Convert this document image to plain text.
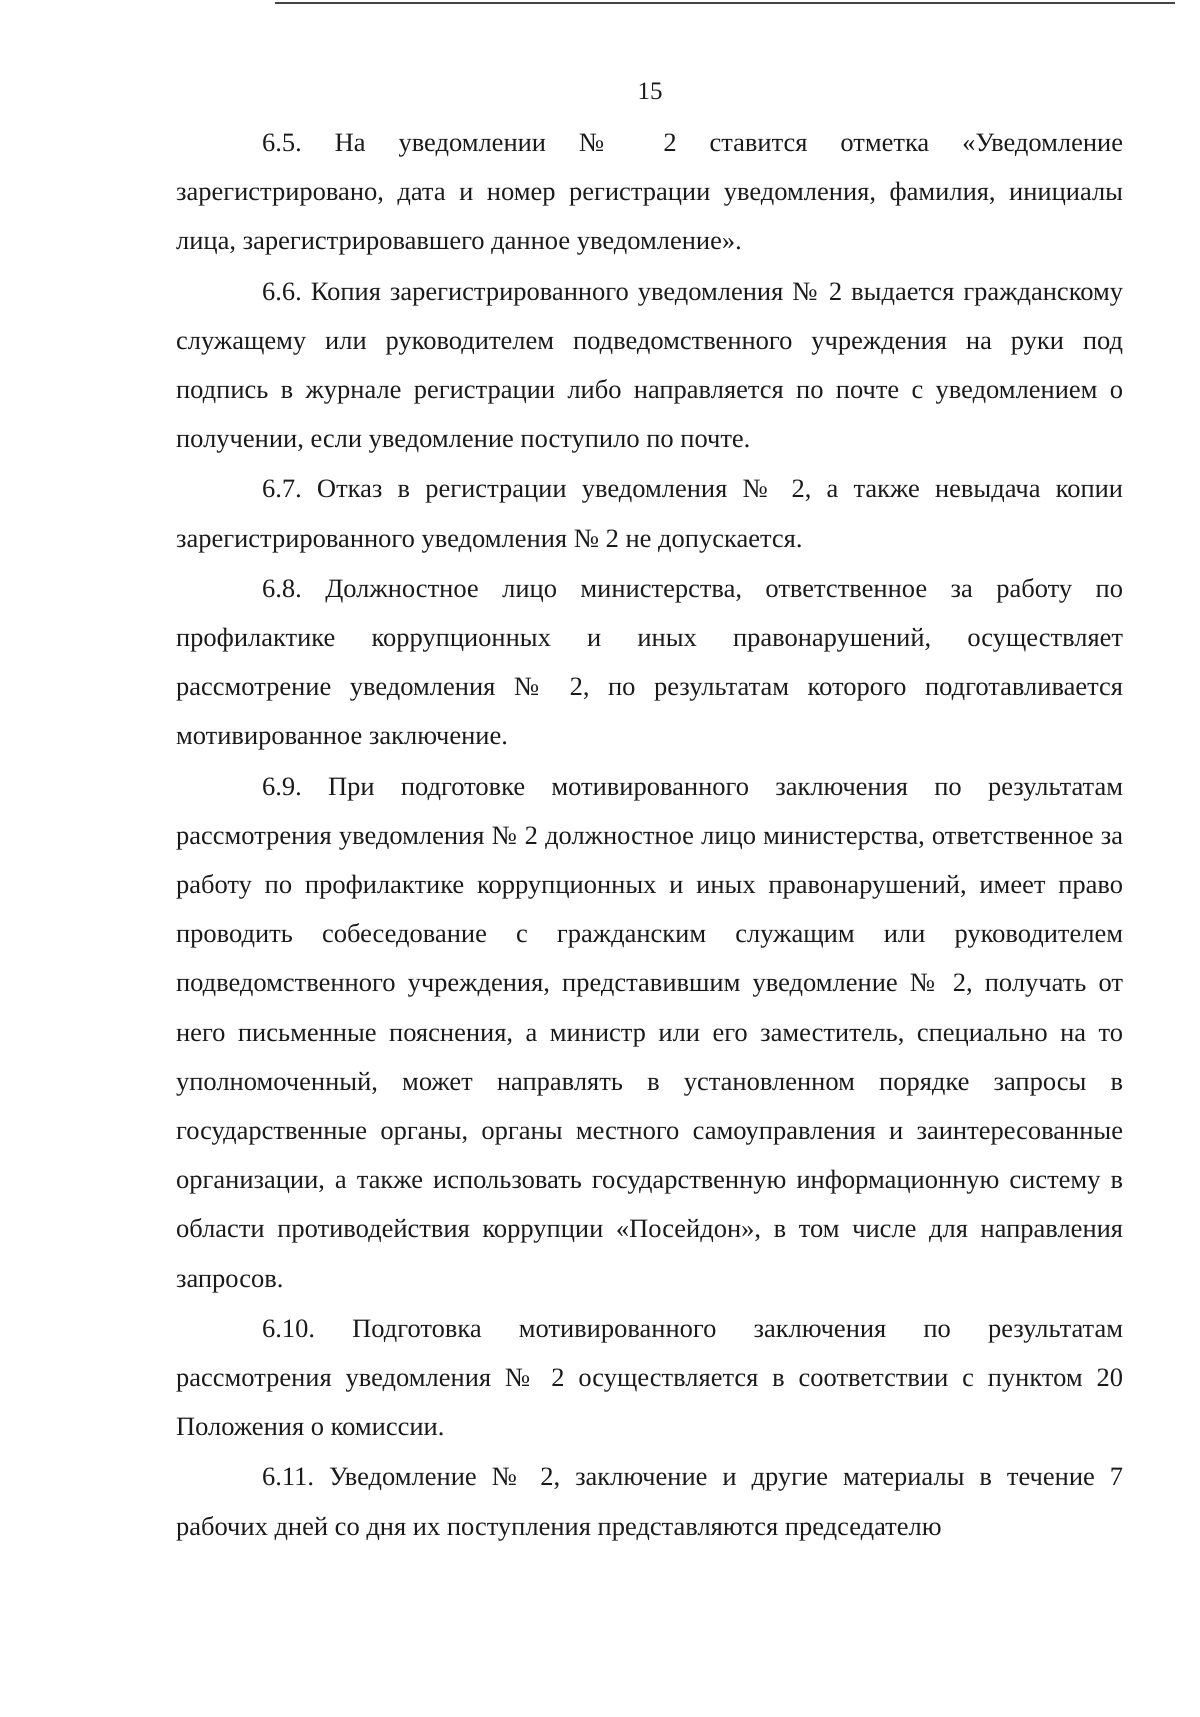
15

6.5. На уведомлении № 2 ставится отметка «Уведомление зарегистрировано, дата и номер регистрации уведомления, фамилия, инициалы лица, зарегистрировавшего данное уведомление».

6.6. Копия зарегистрированного уведомления № 2 выдается гражданскому служащему или руководителем подведомственного учреждения на руки под подпись в журнале регистрации либо направляется по почте с уведомлением о получении, если уведомление поступило по почте.

6.7. Отказ в регистрации уведомления № 2, а также невыдача копии зарегистрированного уведомления № 2 не допускается.

6.8. Должностное лицо министерства, ответственное за работу по профилактике коррупционных и иных правонарушений, осуществляет рассмотрение уведомления № 2, по результатам которого подготавливается мотивированное заключение.

6.9. При подготовке мотивированного заключения по результатам рассмотрения уведомления № 2 должностное лицо министерства, ответственное за работу по профилактике коррупционных и иных правонарушений, имеет право проводить собеседование с гражданским служащим или руководителем подведомственного учреждения, представившим уведомление № 2, получать от него письменные пояснения, а министр или его заместитель, специально на то уполномоченный, может направлять в установленном порядке запросы в государственные органы, органы местного самоуправления и заинтересованные организации, а также использовать государственную информационную систему в области противодействия коррупции «Посейдон», в том числе для направления запросов.

6.10. Подготовка мотивированного заключения по результатам рассмотрения уведомления № 2 осуществляется в соответствии с пунктом 20 Положения о комиссии.

6.11. Уведомление № 2, заключение и другие материалы в течение 7 рабочих дней со дня их поступления представляются председателю
